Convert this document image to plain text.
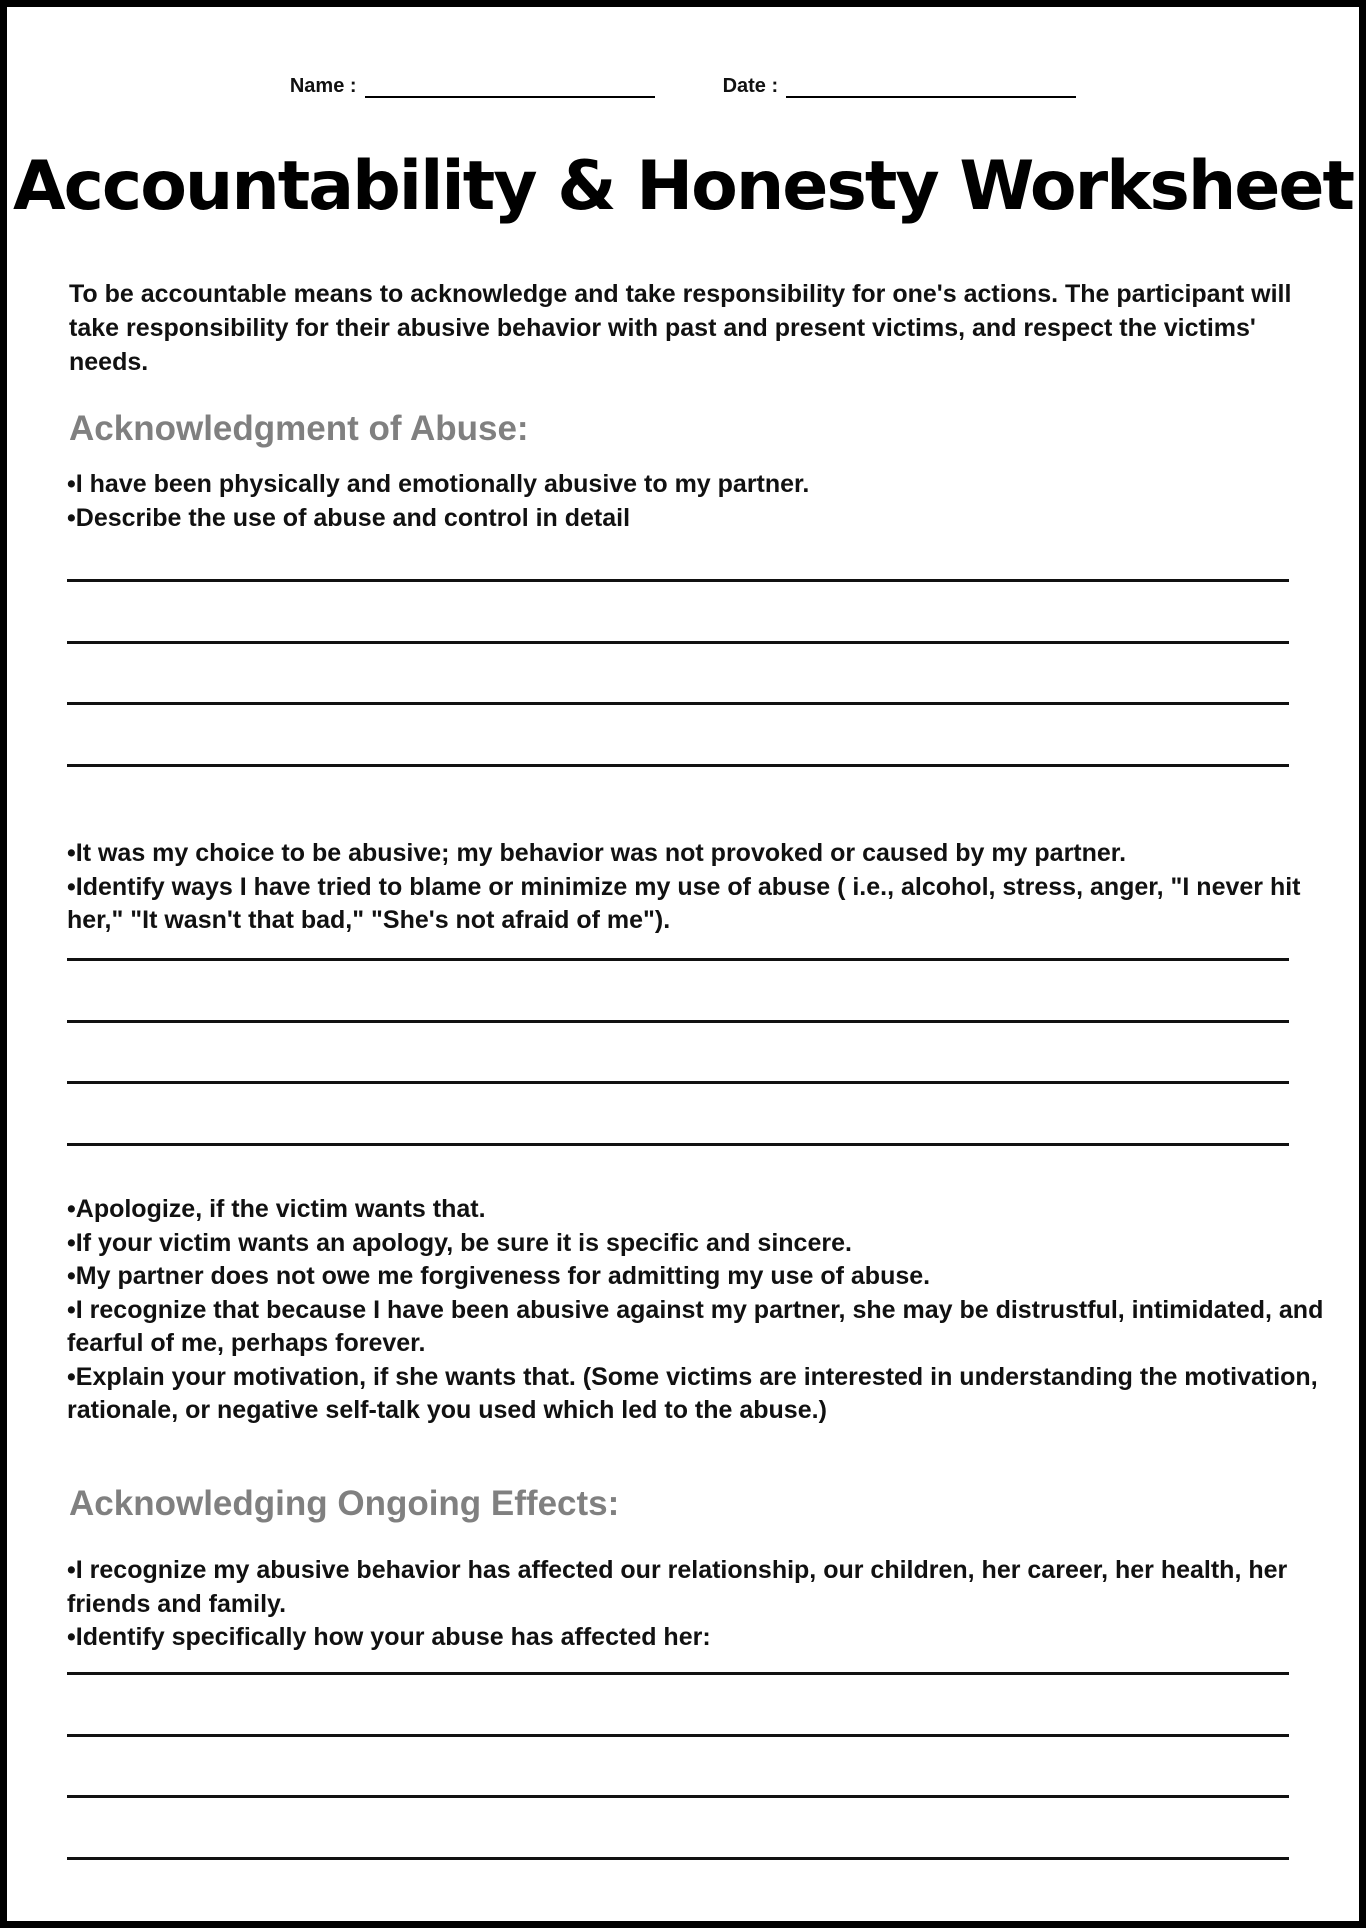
Name :	Date :
Accountability & Honesty Worksheet

To be accountable means to acknowledge and take responsibility for one's actions. The participant will take responsibility for their abusive behavior with past and present victims, and respect the victims' needs.

Acknowledgment of Abuse:
• I have been physically and emotionally abusive to my partner.
• Describe the use of abuse and control in detail
• It was my choice to be abusive; my behavior was not provoked or caused by my partner.
• Identify ways I have tried to blame or minimize my use of abuse ( i.e., alcohol, stress, anger, "I never hit her," "It wasn't that bad," "She's not afraid of me").
• Apologize, if the victim wants that.
• If your victim wants an apology, be sure it is specific and sincere.
• My partner does not owe me forgiveness for admitting my use of abuse.
• I recognize that because I have been abusive against my partner, she may be distrustful, intimidated, and fearful of me, perhaps forever.
• Explain your motivation, if she wants that. (Some victims are interested in understanding the motivation, rationale, or negative self-talk you used which led to the abuse.)
Acknowledging Ongoing Effects:
• I recognize my abusive behavior has affected our relationship, our children, her career, her health, her friends and family.
• Identify specifically how your abuse has affected her:
